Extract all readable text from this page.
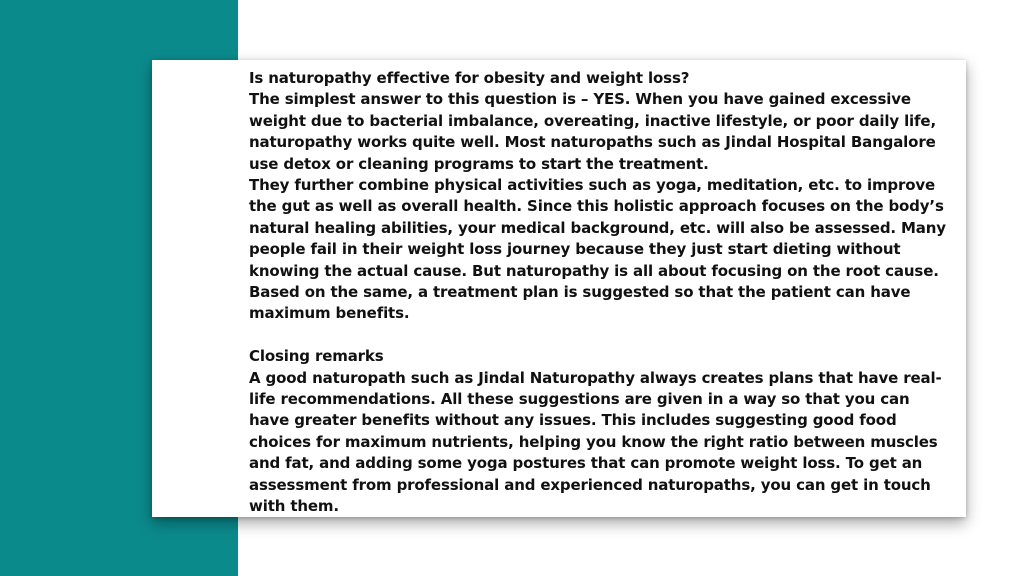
Is naturopathy effective for obesity and weight loss?

The simplest answer to this question is – YES. When you have gained excessive weight due to bacterial imbalance, overeating, inactive lifestyle, or poor daily life, naturopathy works quite well. Most naturopaths such as Jindal Hospital Bangalore use detox or cleaning programs to start the treatment.

They further combine physical activities such as yoga, meditation, etc. to improve the gut as well as overall health. Since this holistic approach focuses on the body’s natural healing abilities, your medical background, etc. will also be assessed. Many people fail in their weight loss journey because they just start dieting without knowing the actual cause. But naturopathy is all about focusing on the root cause. Based on the same, a treatment plan is suggested so that the patient can have maximum benefits.

Closing remarks

A good naturopath such as Jindal Naturopathy always creates plans that have real-life recommendations. All these suggestions are given in a way so that you can have greater benefits without any issues. This includes suggesting good food choices for maximum nutrients, helping you know the right ratio between muscles and fat, and adding some yoga postures that can promote weight loss. To get an assessment from professional and experienced naturopaths, you can get in touch with them.
